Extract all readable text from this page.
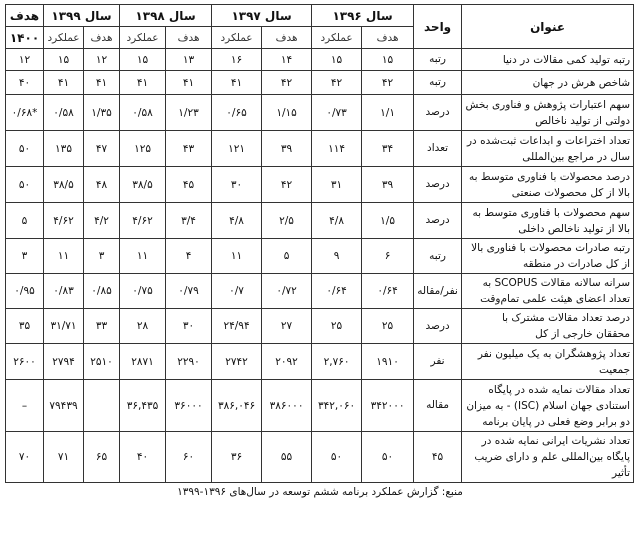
عنوان	واحد	سال ۱۳۹۶		سال ۱۳۹۷		سال ۱۳۹۸		سال ۱۳۹۹		هدف
		هدف	عملکرد	هدف	عملکرد	هدف	عملکرد	هدف	عملکرد	۱۴۰۰
رتبه تولید کمی مقالات در دنیا	رتبه	۱۵	۱۵	۱۴	۱۶	۱۳	۱۵	۱۲	۱۵	۱۲
شاخص هرش در جهان	رتبه	۴۲	۴۲	۴۲	۴۱	۴۱	۴۱	۴۱	۴۱	۴۰
سهم اعتبارات پژوهش و فناوری بخش دولتی از تولید ناخالص	درصد	۱/۱	۰/۷۳	۱/۱۵	۰/۶۵	۱/۲۳	۰/۵۸	۱/۳۵	۰/۵۸	*۰/۶۸
تعداد اختراعات و ابداعات ثبت‌شده در سال در مراجع بین‌المللی	تعداد	۳۴	۱۱۴	۳۹	۱۲۱	۴۳	۱۲۵	۴۷	۱۳۵	۵۰
درصد محصولات با فناوری متوسط به بالا از کل محصولات صنعتی	درصد	۳۹	۳۱	۴۲	۳۰	۴۵	۳۸/۵	۴۸	۳۸/۵	۵۰
سهم محصولات با فناوری متوسط به بالا از تولید ناخالص داخلی	درصد	۱/۵	۴/۸	۲/۵	۴/۸	۳/۴	۴/۶۲	۴/۲	۴/۶۲	۵
رتبه صادرات محصولات با فناوری بالا از کل صادرات در منطقه	رتبه	۶	۹	۵	۱۱	۴	۱۱	۳	۱۱	۳
سرانه سالانه مقالات SCOPUS به تعداد اعضای هیئت علمی تمام‌وقت	نفر/مقاله	۰/۶۴	۰/۶۴	۰/۷۲	۰/۷	۰/۷۹	۰/۷۵	۰/۸۵	۰/۸۳	۰/۹۵
درصد تعداد مقالات مشترک با محققان خارجی از کل	درصد	۲۵	۲۵	۲۷	۲۴/۹۴	۳۰	۲۸	۳۳	۳۱/۷۱	۳۵
تعداد پژوهشگران به یک میلیون نفر جمعیت	نفر	۱۹۱۰	۲,۷۶۰	۲۰۹۲	۲۷۴۲	۲۲۹۰	۲۸۷۱	۲۵۱۰	۲۷۹۴	۲۶۰۰
تعداد مقالات نمایه شده در پایگاه استنادی جهان اسلام (ISC) - به میزان دو برابر وضع فعلی در پایان برنامه	مقاله	۳۴۲۰۰۰	۳۴۲,۰۶۰	۳۸۶۰۰۰	۳۸۶,۰۴۶	۳۶۰۰۰	۳۶,۴۳۵		۷۹۴۳۹	–
تعداد نشریات ایرانی نمایه شده در پایگاه بین‌المللی علم و دارای ضریب تأثیر	۴۵	۵۰	۵۰	۵۵	۳۶	۶۰	۴۰	۶۵	۷۱	۷۰
منبع: گزارش عملکرد برنامه ششم توسعه در سال‌های ۱۳۹۶-۱۳۹۹
